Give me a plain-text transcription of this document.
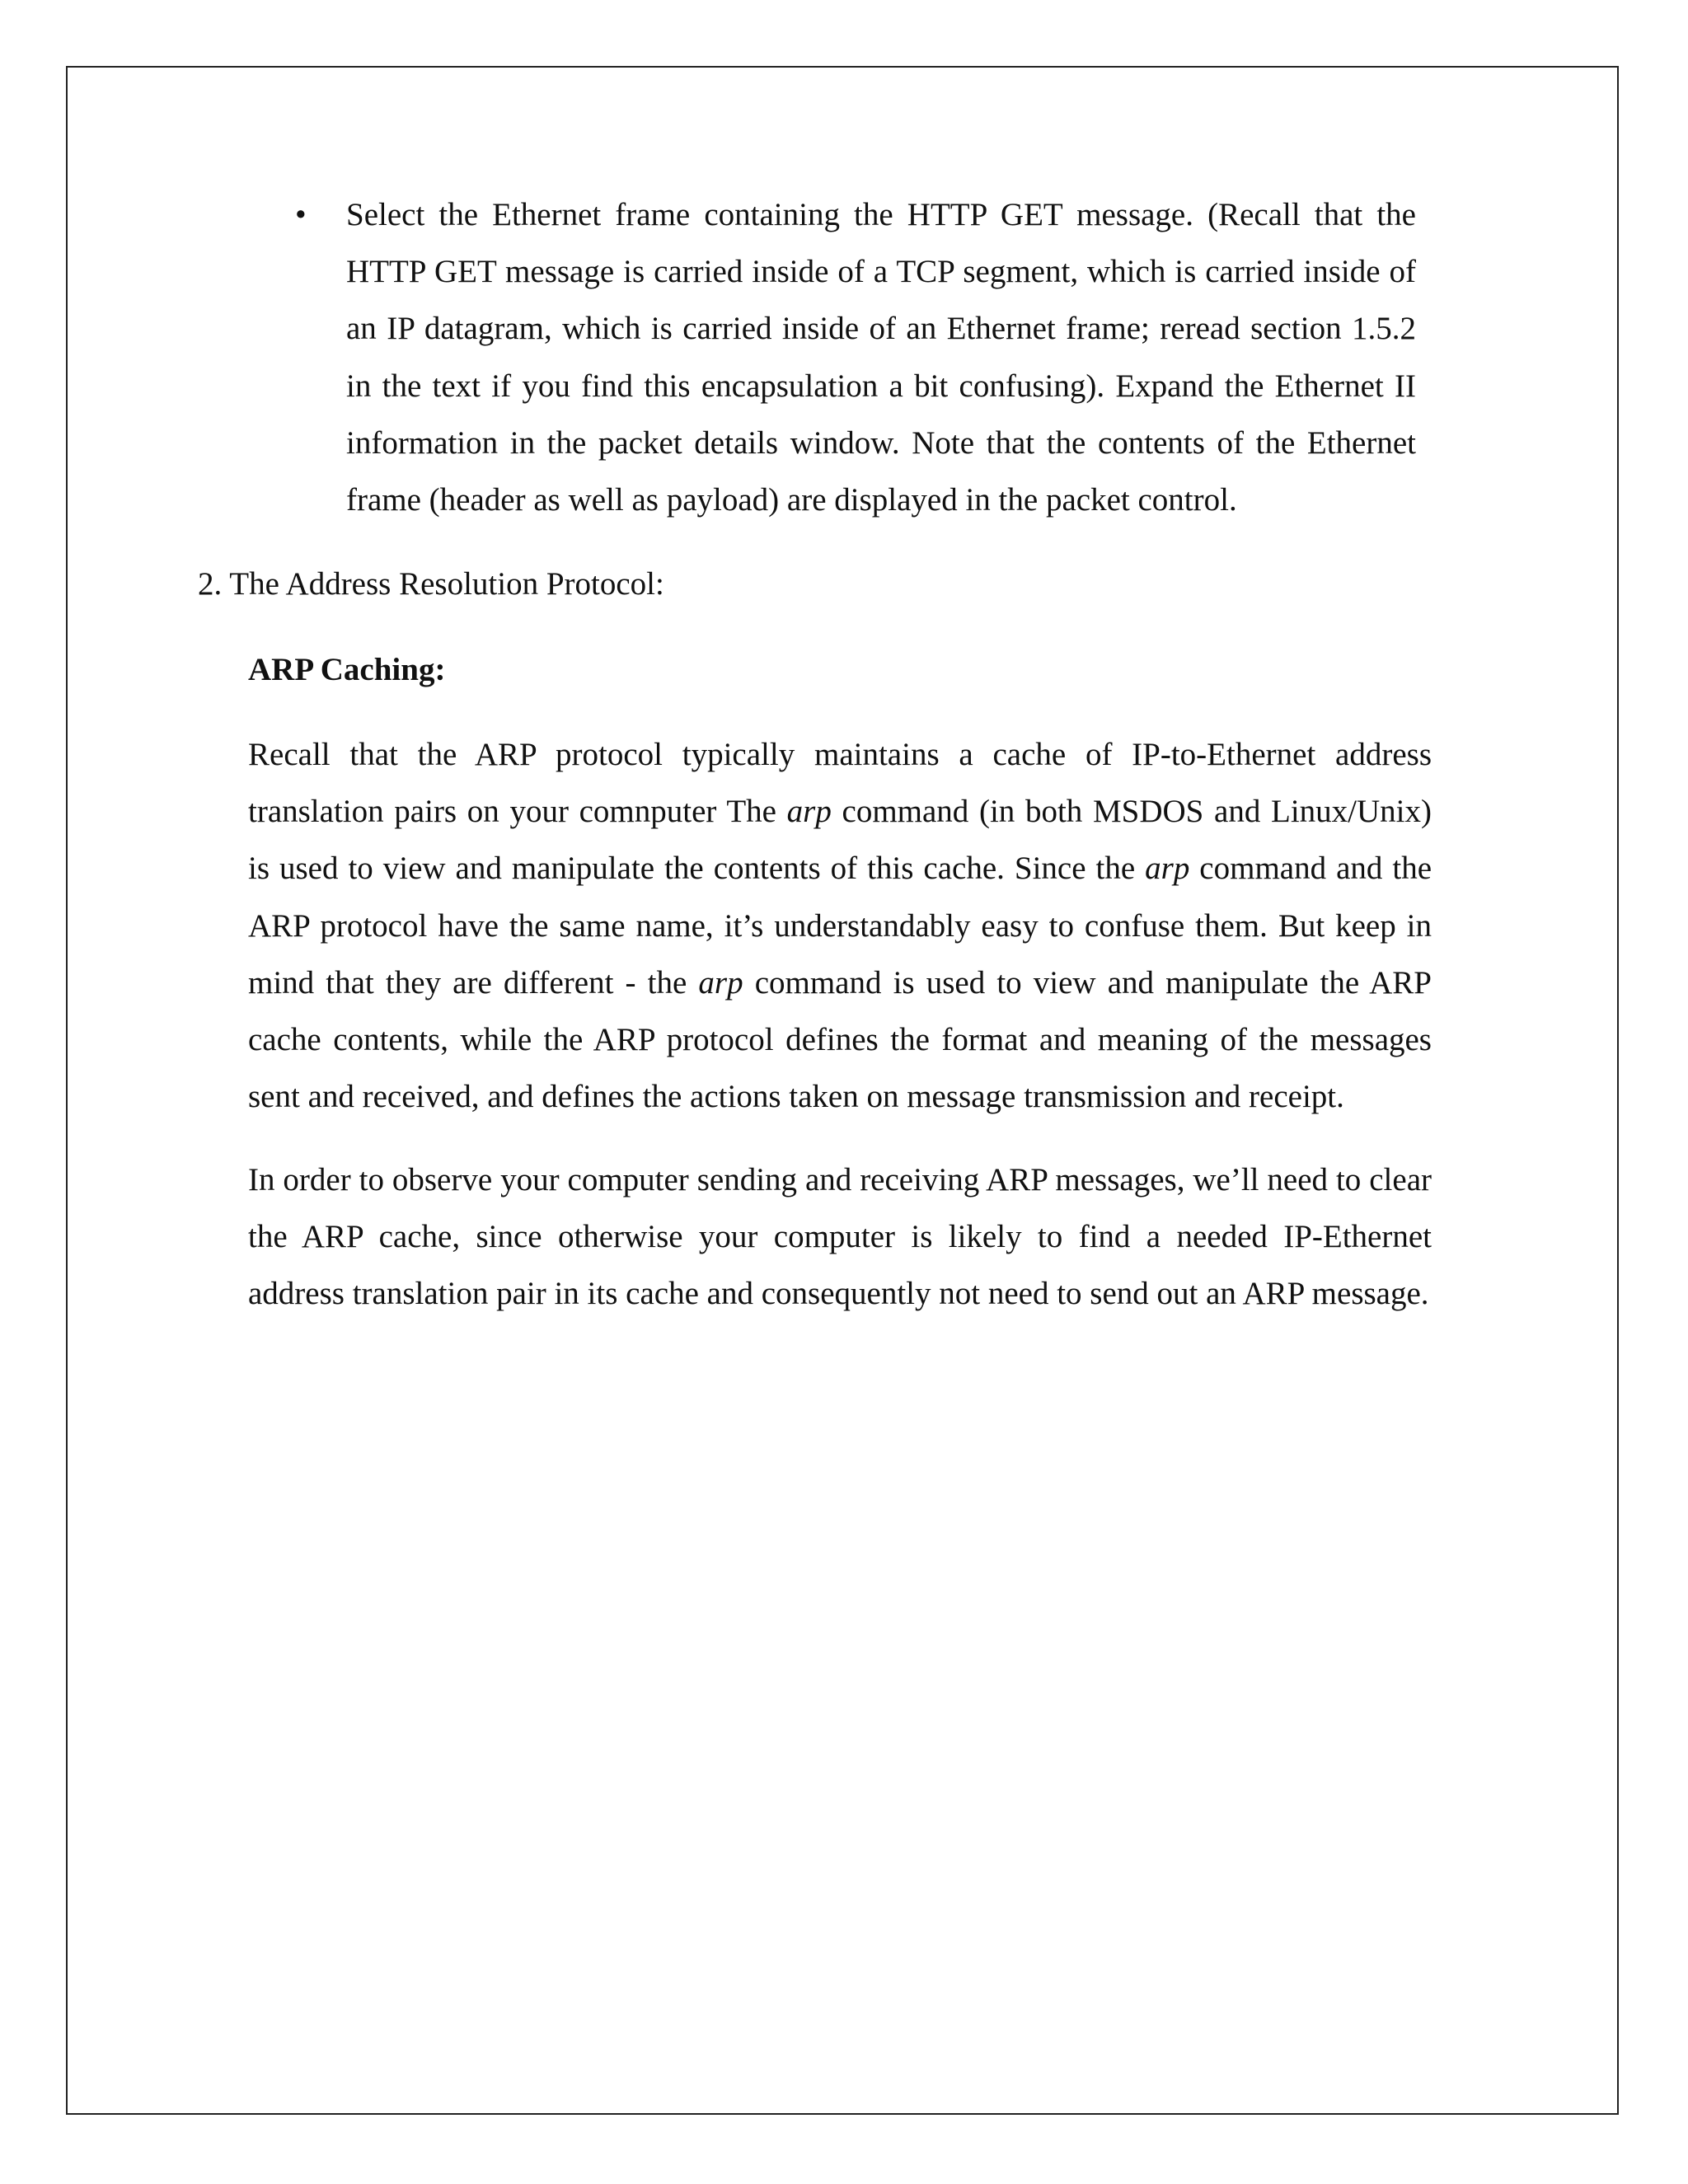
• Select the Ethernet frame containing the HTTP GET message. (Recall that the HTTP GET message is carried inside of a TCP segment, which is carried inside of an IP datagram, which is carried inside of an Ethernet frame; reread section 1.5.2 in the text if you find this encapsulation a bit confusing). Expand the Ethernet II information in the packet details window. Note that the contents of the Ethernet frame (header as well as payload) are displayed in the packet control.

2. The Address Resolution Protocol:
ARP Caching:

Recall that the ARP protocol typically maintains a cache of IP-to-Ethernet address translation pairs on your comnputer The arp command (in both MSDOS and Linux/Unix) is used to view and manipulate the contents of this cache. Since the arp command and the ARP protocol have the same name, it’s understandably easy to confuse them. But keep in mind that they are different - the arp command is used to view and manipulate the ARP cache contents, while the ARP protocol defines the format and meaning of the messages sent and received, and defines the actions taken on message transmission and receipt.

In order to observe your computer sending and receiving ARP messages, we’ll need to clear the ARP cache, since otherwise your computer is likely to find a needed IP-Ethernet address translation pair in its cache and consequently not need to send out an ARP message.
